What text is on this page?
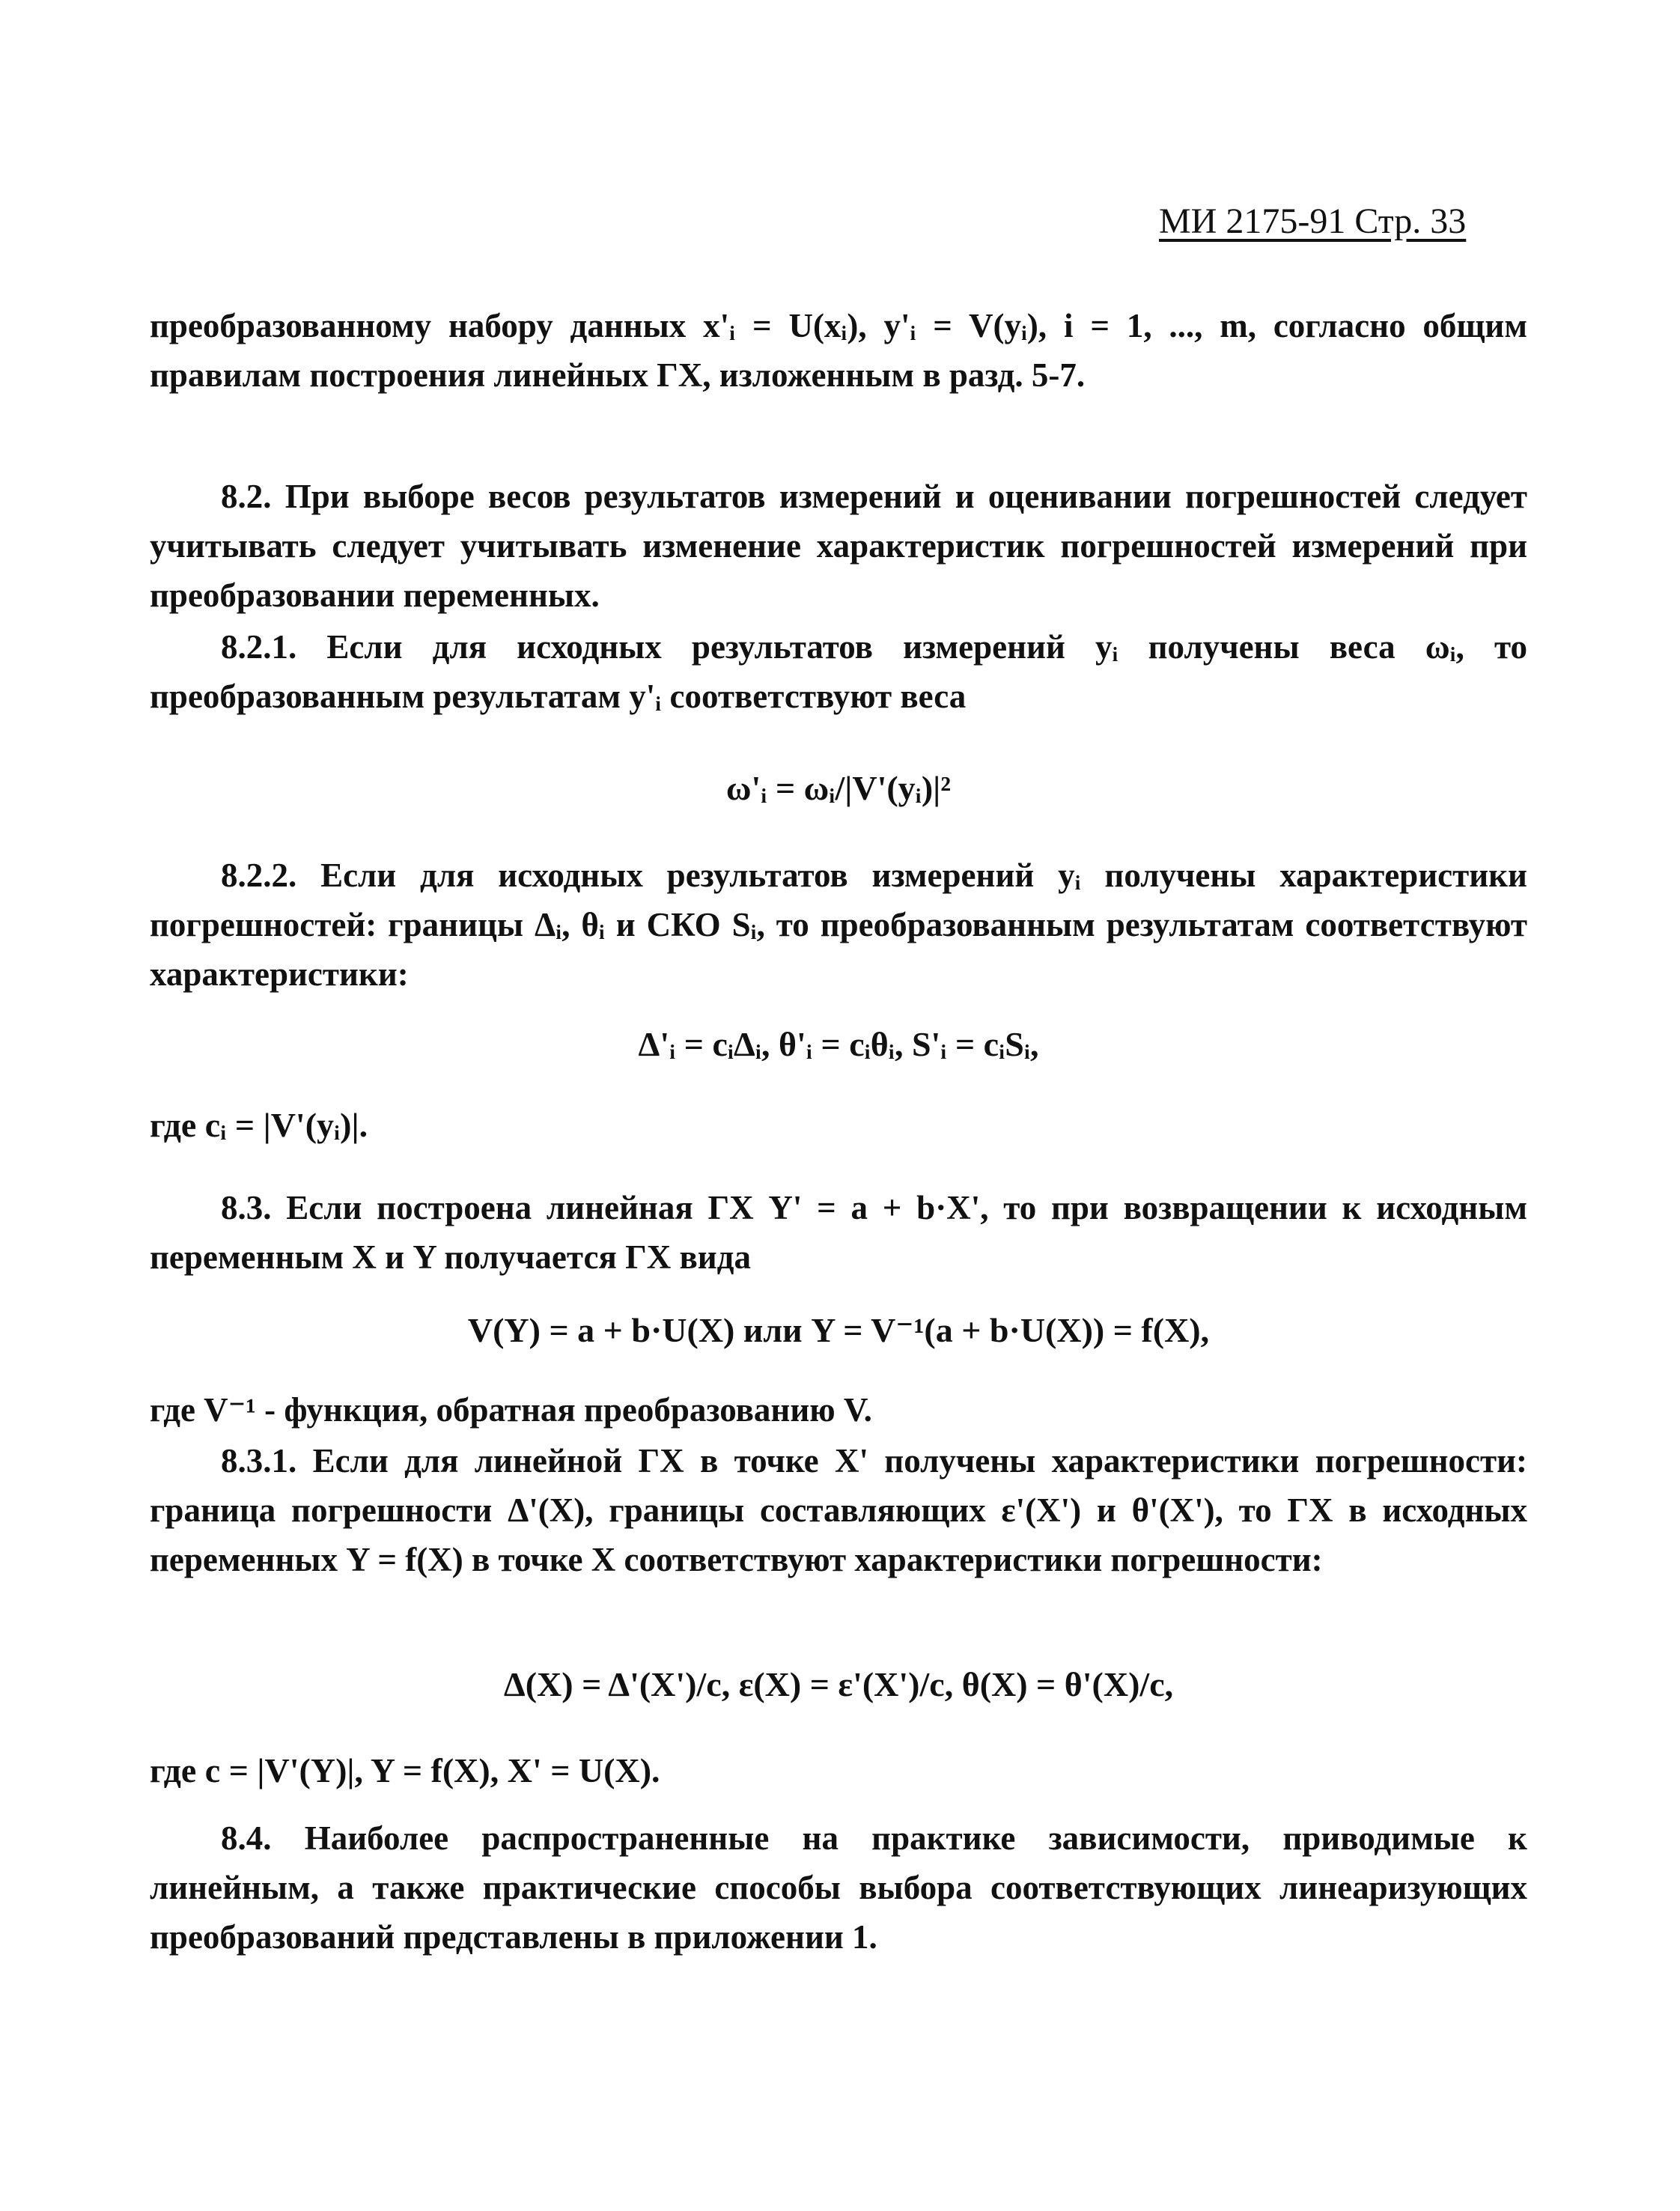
МИ 2175-91 Стр. 33

преобразованному набору данных x'ᵢ = U(xᵢ), y'ᵢ = V(yᵢ), i = 1, ..., m, согласно общим правилам построения линейных ГХ, изложенным в разд. 5-7.

8.2. При выборе весов результатов измерений и оценивании погрешностей следует учитывать следует учитывать изменение характеристик погрешностей измерений при преобразовании переменных.

8.2.1. Если для исходных результатов измерений yᵢ получены веса ωᵢ, то преобразованным результатам y'ᵢ соответствуют веса

ω'ᵢ = ωᵢ/|V'(yᵢ)|²

8.2.2. Если для исходных результатов измерений yᵢ получены характеристики погрешностей: границы Δᵢ, θᵢ и СКО Sᵢ, то преобразованным результатам соответствуют характеристики:

Δ'ᵢ = cᵢΔᵢ, θ'ᵢ = cᵢθᵢ, S'ᵢ = cᵢSᵢ,
где cᵢ = |V'(yᵢ)|.

8.3. Если построена линейная ГХ Y' = a + b·X', то при возвращении к исходным переменным X и Y получается ГХ вида

V(Y) = a + b·U(X) или Y = V⁻¹(a + b·U(X)) = f(X),

где V⁻¹ - функция, обратная преобразованию V.

8.3.1. Если для линейной ГХ в точке X' получены характеристики погрешности: граница погрешности Δ'(X), границы составляющих ε'(X') и θ'(X'), то ГХ в исходных переменных Y = f(X) в точке X соответствуют характеристики погрешности:

Δ(X) = Δ'(X')/c, ε(X) = ε'(X')/c, θ(X) = θ'(X)/c,
где c = |V'(Y)|, Y = f(X), X' = U(X).

8.4. Наиболее распространенные на практике зависимости, приводимые к линейным, а также практические способы выбора соответствующих линеаризующих преобразований представлены в приложении 1.
